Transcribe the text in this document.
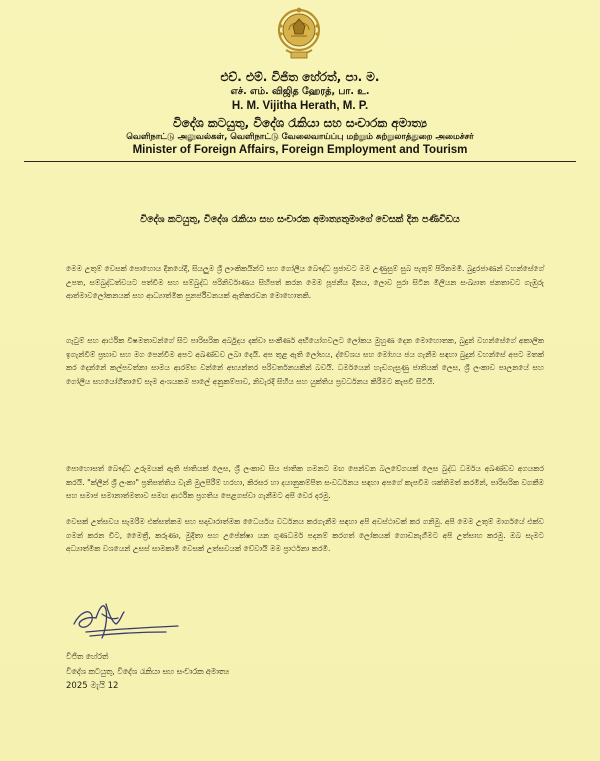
එච්. එම්. විජිත හේරත්, පා. ම.
எச். எம். விஜித ஹேரத், பா. உ.
H. M. Vijitha Herath, M. P.
විදේශ කටයුතු, විදේශ රැකියා සහ සංචාරක අමාත්‍ය
வெளிநாட்டு அலுவல்கள், வெளிநாட்டு வேலைவாய்ப்பு மற்றும் சுற்றுலாத்துறை அமைச்சர்
Minister of Foreign Affairs, Foreign Employment and Tourism
විදේශ කටයුතු, විදේශ රැකියා සහ සංචාරක අමාත්‍යතුමාගේ වෙසක් දින පණිවිඩය

මෙම උතුම් වෙසක් පොහොය දිනයේදී, සියලුම ශ්‍රී ලාංකිකයින්ට සහ ගෝලීය බෞද්ධ ප්‍රජාවට මම උණුසුම් සුබ පැතුම් පිරිනමමි. බුදුරජාණන් වහන්සේගේ උපත, සම්බුද්ධත්වයට පත්වීම සහ සම්බුද්ධ පරිනිර්වාණය සිහිපත් කරන මෙම පූජනීය දිනය, ලොව පුරා සිටින මිලියන සංඛ්‍යාත ජනතාවට ගැඹුරු ආත්මාවලෝකනයක් සහ ආධ්‍යාත්මික පුනර්ජීවනයක් ඇතිකරවන මොහොතකි.

ගැටුම් සහ ආර්ථික විෂමතාවන්ගේ සිට පාරිසරික අර්බුදය දක්වා සංකීර්ණ අභියෝගවලට ලෝකය මුහුණ දෙන මොහොතක, බුදුන් වහන්සේගේ අකාලික ඉගැන්වීම් ප්‍රභාව සහ මග පෙන්වීම අපට අඛණ්ඩව ලබා දෙයි. අප තුළ ඇති ලෝභය, ද්වේශය සහ මෝහය ජය ගැනීම සඳහා බුදුන් වහන්සේ අපට මතක් කර දෙන්නේ කල්පවත්නා සාමය ආරම්භ වන්නේ අභ්‍යන්තර පරිවර්තනයකින් බවයි. ධර්මයෙන් හැඩගැසුණු ජාතියක් ලෙස, ශ්‍රී ලංකාව පාලනයේ සහ ගෝලීය සහයෝගීතාවේ සෑම අංශයකම පාලේ අනුකම්පාව, නිවැරදි සිහිය සහ යුක්තිය ප්‍රවර්ධනය කිරීමට කැපවී සිටියි.

පොහොසත් බෞද්ධ උරුමයක් ඇති ජාතියක් ලෙස, ශ්‍රී ලංකාව සිය ජාතික ගමනට මඟ පෙන්වන බලවේගයක් ලෙස බුද්ධ ධර්මය අඛණ්ඩව අගයකර කරයි. "ක්ලීන් ශ්‍රී ලංකා" ප්‍රතිපත්තිය වැනි මුලපිරීම් හරහා, කිරසර හා දයානුකම්පිත සංවර්ධනය සඳහා අපගේ කැපවීම ශක්තිමත් කරමින්, පාරිසරික වගකීම සහ සමාජ සමානාත්මතාව සමඟ ආර්ථික ප්‍රගතිය පෙළගස්වා ගැනීමට අපි වෙර දරමු.

වෙසක් උත්සවය සැමරීම එක්සත්කම සහ සදාචාරාත්මක ධෛර්යය වර්ධනය කරගැනීම සඳහා අපි අවස්ථාවක් කර ගනිමු. අපි මෙම උතුම් මාර්ගයේ එක්ව ගමන් කරන විට, මෛත්‍රී, කරුණා, මුදිතා සහ උපේක්ෂා යන ගුණධර්ම පදනම් කරගත් ලෝකයක් ගොඩනැගීමට අපි උත්සාහ කරමු. ඔබ සැමට අධ්‍යාත්මික වශයෙන් උසස් සාමකාමී වෙසක් උත්සවයක් වේවායි මම ප්‍රාර්ථනා කරමි.

විජිත හේරත්
විදේශ කටයුතු, විදේශ රැකියා සහ සංචාරක අමාත්‍ය
2025 මැයි 12
